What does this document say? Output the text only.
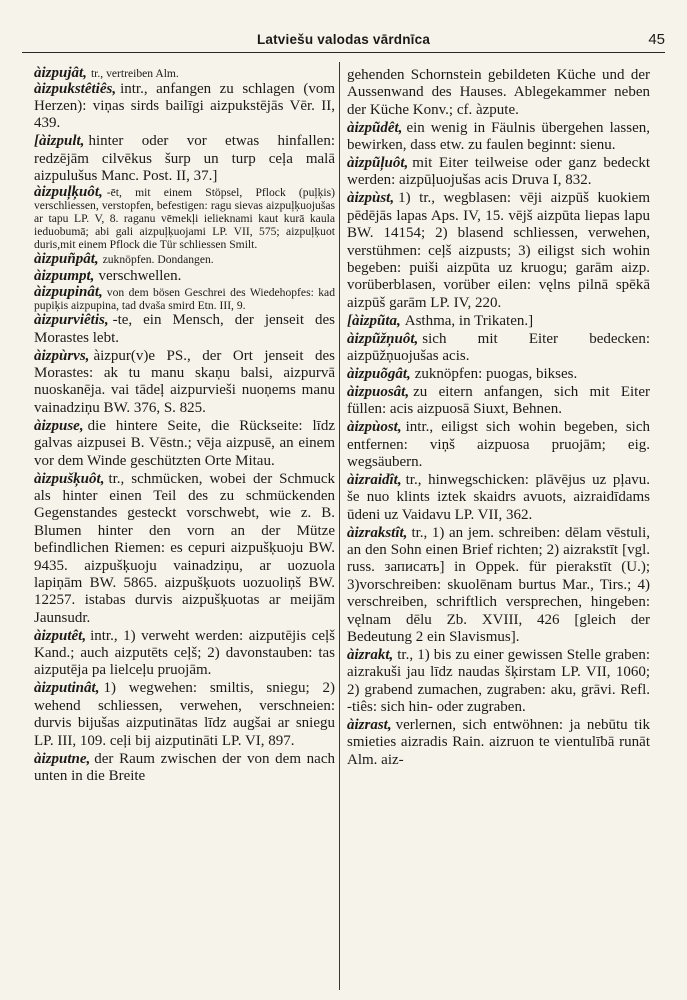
Latviešu valodas vārdnīca	45

àizpujât, tr., vertreiben Alm.

àizpukstêtiês, intr., anfangen zu schlagen (vom Herzen): viņas sirds bailīgi aizpukstējās Vēr. II, 439.

[àizpult, hinter oder vor etwas hinfallen: redzējām cilvēkus šurp un turp ceļa malā aizpulušus Manc. Post. II, 37.]

àizpuļķuôt, -ēt, mit einem Stöpsel, Pflock (puļķis) verschliessen, verstopfen, befestigen: ragu sievas aizpuļķuojušas ar tapu LP. V, 8. raganu vēmekļi ielieknami kaut kurā kaula ieduobumā; abi gali aizpuļķuojami LP. VII, 575; aizpuļķuot duris,mit einem Pflock die Tür schliessen Smilt.

àizpuñpât, zuknöpfen. Dondangen.

àizpumpt, verschwellen.

àizpupinât, von dem bösen Geschrei des Wiedehopfes: kad pupiķis aizpupina, tad dvaša smird Etn. III, 9.

àizpurviêtis, -te, ein Mensch, der jenseit des Morastes lebt.

àizpùrvs, àizpur(v)e PS., der Ort jenseit des Morastes: ak tu manu skaņu balsi, aizpurvā nuoskanēja. vai tādeļ aizpurvieši nuoņems manu vainadziņu BW. 376, S. 825.

àizpuse, die hintere Seite, die Rückseite: līdz galvas aizpusei B. Vēstn.; vēja aizpusē, an einem vor dem Winde geschützten Orte Mitau.

àizpušķuôt, tr., schmücken, wobei der Schmuck als hinter einen Teil des zu schmückenden Gegenstandes gesteckt vorschwebt, wie z. B. Blumen hinter den vorn an der Mütze befindlichen Riemen: es cepuri aizpušķuoju BW. 9435. aizpušķuoju vainadziņu, ar uozuola lapiņām BW. 5865. aizpušķuots uozuoliņš BW. 12257. istabas durvis aizpušķuotas ar meijām Jaunsudr.

àizputêt, intr., 1) verweht werden: aizputējis ceļš Kand.; auch aizputēts ceļš; 2) davonstauben: tas aizputēja pa lielceļu pruojām.

àizputinât, 1) wegwehen: smiltis, sniegu; 2) wehend schliessen, verwehen, verschneien: durvis bijušas aizputinātas līdz augšai ar sniegu LP. III, 109. ceļi bij aizputināti LP. VI, 897.

àizputne, der Raum zwischen der von dem nach unten in die Breite

gehenden Schornstein gebildeten Küche und der Aussenwand des Hauses. Ablegekammer neben der Küche Konv.; cf. àzpute.

àizpũdêt, ein wenig in Fäulnis übergehen lassen, bewirken, dass etw. zu faulen beginnt: sienu.

àizpũļuôt, mit Eiter teilweise oder ganz bedeckt werden: aizpūļuojušas acis Druva I, 832.

àizpùst, 1) tr., wegblasen: vēji aizpūš kuokiem pēdējās lapas Aps. IV, 15. vējš aizpūta liepas lapu BW. 14154; 2) blasend schliessen, verwehen, verstühmen: ceļš aizpusts; 3) eiligst sich wohin begeben: puiši aizpūta uz kruogu; garām aizp. vorüberblasen, vorüber eilen: vęlns pilnā spēkā aizpūš garām LP. IV, 220.

[àizpũta, Asthma, in Trikaten.]

àizpũžņuôt, sich mit Eiter bedecken: aizpūžņuojušas acis.

àizpuõgât, zuknöpfen: puogas, bikses.

àizpuosât, zu eitern anfangen, sich mit Eiter füllen: acis aizpuosā Siuxt, Behnen.

àizpùost, intr., eiligst sich wohin begeben, sich entfernen: viņš aizpuosa pruojām; eig. wegsäubern.

àizraidît, tr., hinwegschicken: plāvējus uz pļavu. še nuo klints iztek skaidrs avuots, aizraidīdams ūdeni uz Vaidavu LP. VII, 362.

àizrakstît, tr., 1) an jem. schreiben: dēlam vēstuli, an den Sohn einen Brief richten; 2) aizrakstīt [vgl. russ. записать] in Oppek. für pierakstīt (U.); 3)vorschreiben: skuolēnam burtus Mar., Tirs.; 4) verschreiben, schriftlich versprechen, hingeben: vęlnam dēlu Zb. XVIII, 426 [gleich der Bedeutung 2 ein Slavismus].

àizrakt, tr., 1) bis zu einer gewissen Stelle graben: aizrakuši jau līdz naudas šķirstam LP. VII, 1060; 2) grabend zumachen, zugraben: aku, grāvi. Refl. -tiês: sich hin- oder zugraben.

àizrast, verlernen, sich entwöhnen: ja nebūtu tik smieties aizradis Rain. aizruon te vientulībā runāt Alm. aiz-
